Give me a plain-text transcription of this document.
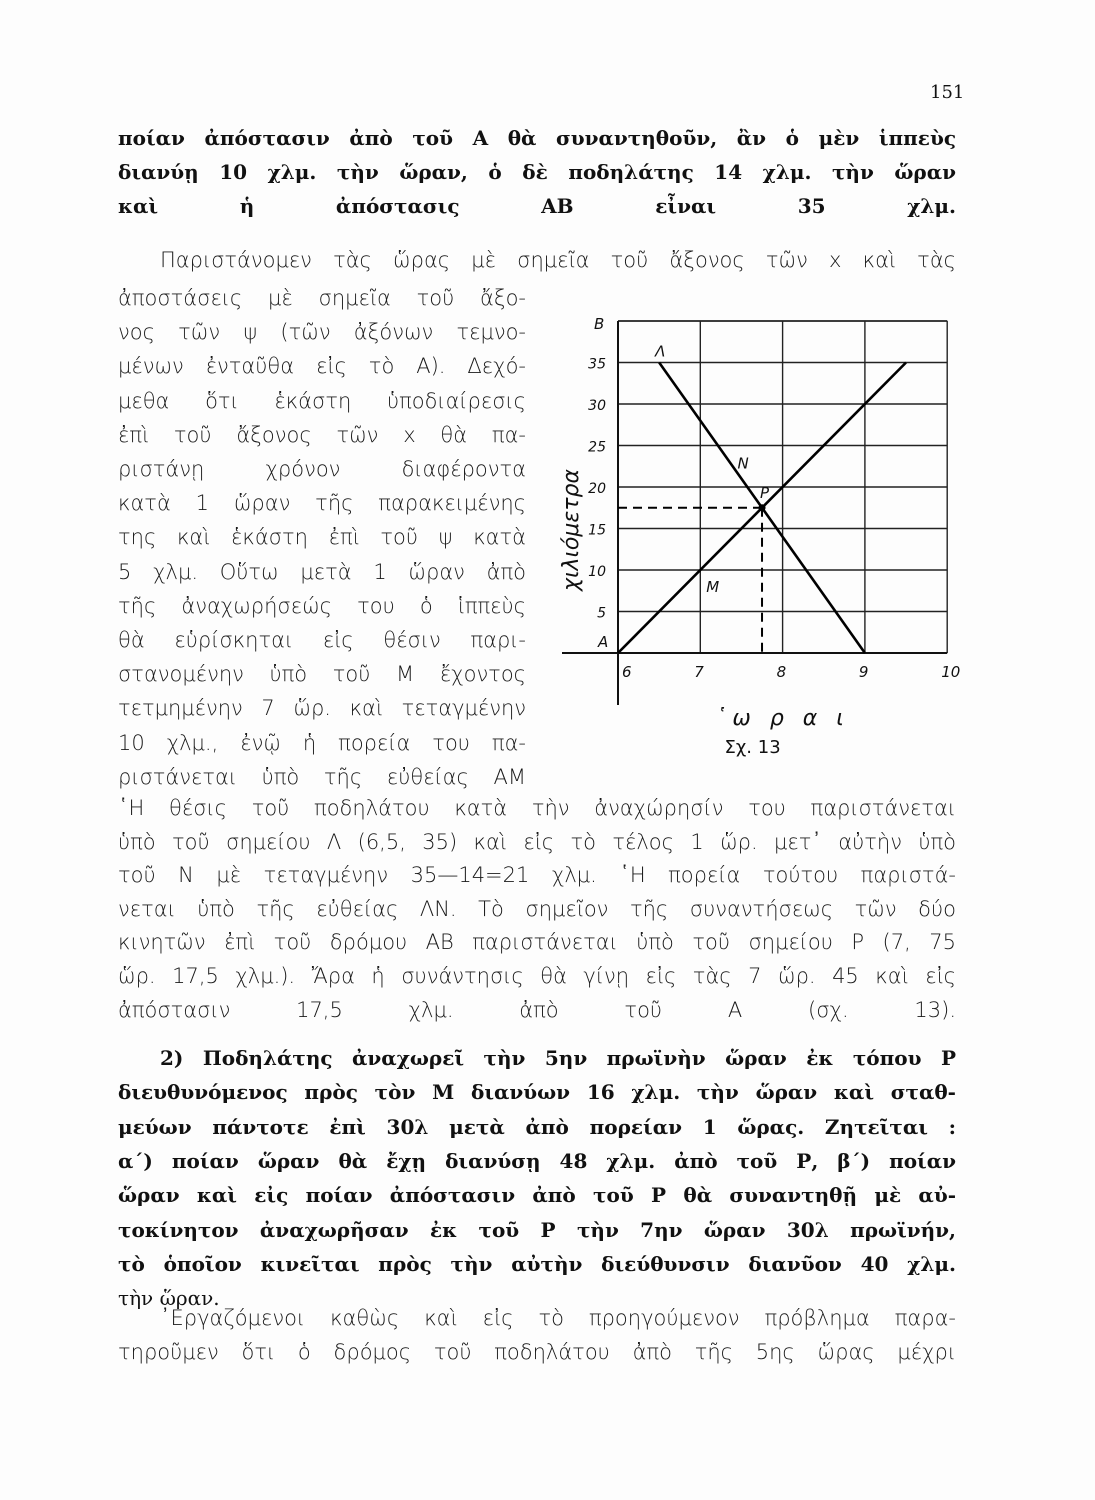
151
ποίαν ἀπόστασιν ἀπὸ τοῦ Α θὰ συναντηθοῦν, ἂν ὁ μὲν ἱππεὺς
διανύῃ 10 χλμ. τὴν ὥραν, ὁ δὲ ποδηλάτης 14 χλμ. τὴν ὥραν
καὶ ἡ ἀπόστασις ΑΒ εἶναι 35 χλμ.
Παριστάνομεν τὰς ὥρας μὲ σημεῖα τοῦ ἄξονος τῶν x καὶ τὰς
ἀποστάσεις μὲ σημεῖα τοῦ ἄξο-
νος τῶν ψ (τῶν ἀξόνων τεμνο-
μένων ἐνταῦθα εἰς τὸ Α). Δεχό-
μεθα ὅτι ἑκάστη ὑποδιαίρεσις
ἐπὶ τοῦ ἄξονος τῶν x θὰ πα-
ριστάνῃ χρόνον διαφέροντα
κατὰ 1 ὥραν τῆς παρακειμένης
της καὶ ἑκάστη ἐπὶ τοῦ ψ κατὰ
5 χλμ. Οὕτω μετὰ 1 ὥραν ἀπὸ
τῆς ἀναχωρήσεώς του ὁ ἱππεὺς
θὰ εὑρίσκηται εἰς θέσιν παρι-
στανομένην ὑπὸ τοῦ Μ ἔχοντος
τετμημένην 7 ὥρ. καὶ τεταγμένην
10 χλμ., ἐνῷ ἡ πορεία του πα-
ριστάνεται ὑπὸ τῆς εὐθείας ΑΜ
῾Η θέσις τοῦ ποδηλάτου κατὰ τὴν ἀναχώρησίν του παριστάνεται
ὑπὸ τοῦ σημείου Λ (6,5, 35) καὶ εἰς τὸ τέλος 1 ὥρ. μετ᾽ αὐτὴν ὑπὸ
τοῦ Ν μὲ τεταγμένην 35—14=21 χλμ. ῾Η πορεία τούτου παριστά-
νεται ὑπὸ τῆς εὐθείας ΛΝ. Τὸ σημεῖον τῆς συναντήσεως τῶν δύο
κινητῶν ἐπὶ τοῦ δρόμου ΑΒ παριστάνεται ὑπὸ τοῦ σημείου Ρ (7, 75
ὥρ. 17,5 χλμ.). Ἄρα ἡ συνάντησις θὰ γίνῃ εἰς τὰς 7 ὥρ. 45 καὶ εἰς
ἀπόστασιν 17,5 χλμ. ἀπὸ τοῦ Α (σχ. 13).
2) Ποδηλάτης ἀναχωρεῖ τὴν 5ην πρωϊνὴν ὥραν ἐκ τόπου Ρ
διευθυνόμενος πρὸς τὸν Μ διανύων 16 χλμ. τὴν ὥραν καὶ σταθ-
μεύων πάντοτε ἐπὶ 30λ μετὰ ἀπὸ πορείαν 1 ὥρας. Ζητεῖται :
α´) ποίαν ὥραν θὰ ἔχῃ διανύσῃ 48 χλμ. ἀπὸ τοῦ Ρ, β´) ποίαν
ὥραν καὶ εἰς ποίαν ἀπόστασιν ἀπὸ τοῦ Ρ θὰ συναντηθῇ μὲ αὐ-
τοκίνητον ἀναχωρῆσαν ἐκ τοῦ Ρ τὴν 7ην ὥραν 30λ πρωϊνήν,
τὸ ὁποῖον κινεῖται πρὸς τὴν αὐτὴν διεύθυνσιν διανῦον 40 χλμ.
τὴν ὥραν.
᾽Εργαζόμενοι καθὼς καὶ εἰς τὸ προηγούμενον πρόβλημα παρα-
τηροῦμεν ὅτι ὁ δρόμος τοῦ ποδηλάτου ἀπὸ τῆς 5ης ὥρας μέχρι
6	7	8	9	10
5
10
15
20
25
30
35
A
B
Λ
M
N
P
῾ω ρ α ι
χιλιόμετρα
Σχ. 13
